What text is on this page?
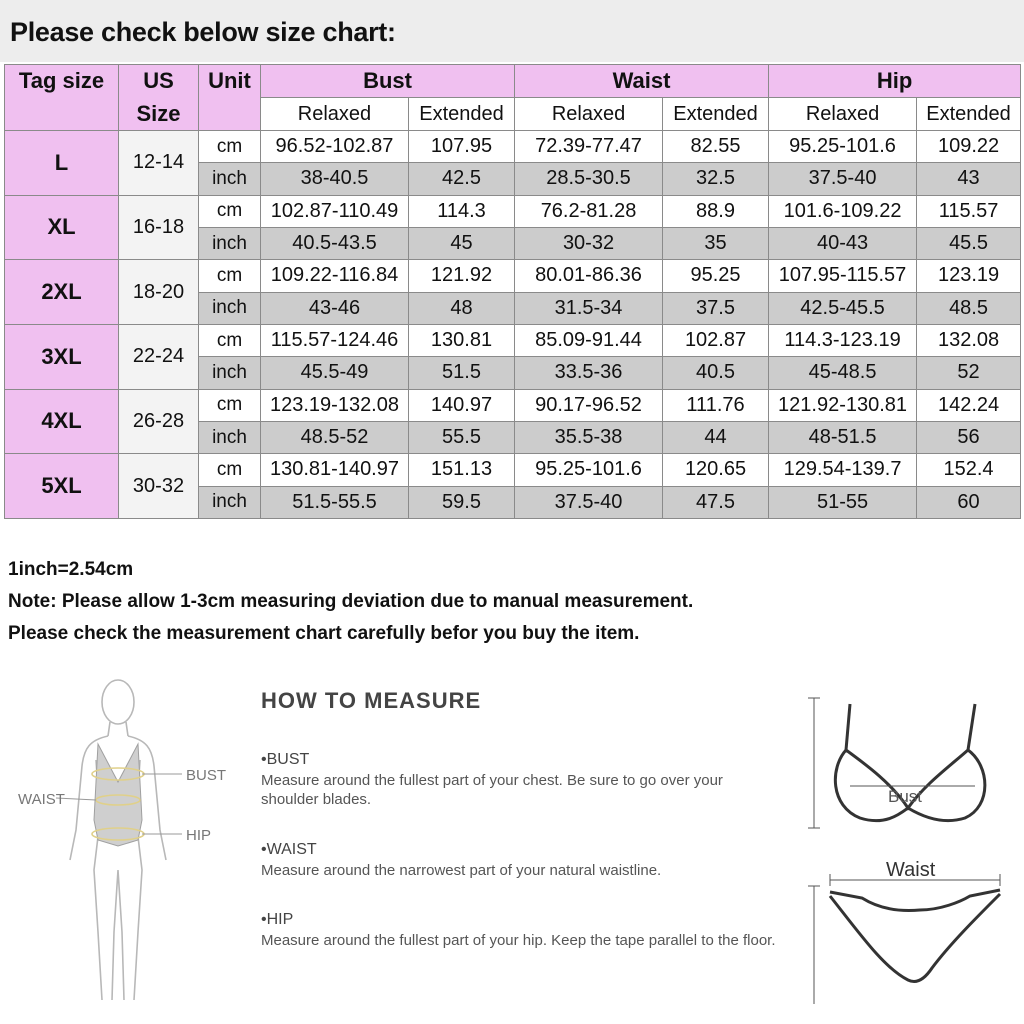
Please check below size chart:
Tag size	US	Unit	Bust		Waist		Hip	
	Size		Relaxed	Extended	Relaxed	Extended	Relaxed	Extended
L	12-14	cm	96.52-102.87	107.95	72.39-77.47	82.55	95.25-101.6	109.22
		inch	38-40.5	42.5	28.5-30.5	32.5	37.5-40	43
XL	16-18	cm	102.87-110.49	114.3	76.2-81.28	88.9	101.6-109.22	115.57
		inch	40.5-43.5	45	30-32	35	40-43	45.5
2XL	18-20	cm	109.22-116.84	121.92	80.01-86.36	95.25	107.95-115.57	123.19
		inch	43-46	48	31.5-34	37.5	42.5-45.5	48.5
3XL	22-24	cm	115.57-124.46	130.81	85.09-91.44	102.87	114.3-123.19	132.08
		inch	45.5-49	51.5	33.5-36	40.5	45-48.5	52
4XL	26-28	cm	123.19-132.08	140.97	90.17-96.52	111.76	121.92-130.81	142.24
		inch	48.5-52	55.5	35.5-38	44	48-51.5	56
5XL	30-32	cm	130.81-140.97	151.13	95.25-101.6	120.65	129.54-139.7	152.4
		inch	51.5-55.5	59.5	37.5-40	47.5	51-55	60
1inch=2.54cm
Note: Please allow 1-3cm measuring deviation due to manual measurement.
Please check the measurement chart carefully befor you buy the item.
WAIST
BUST
HIP
HOW TO MEASURE
•BUST
Measure around the fullest part of your chest. Be sure to go over your shoulder blades.
•WAIST
Measure around the narrowest part of your natural waistline.
•HIP
Measure around the fullest part of your hip. Keep the tape parallel to the floor.
Bust
Waist
